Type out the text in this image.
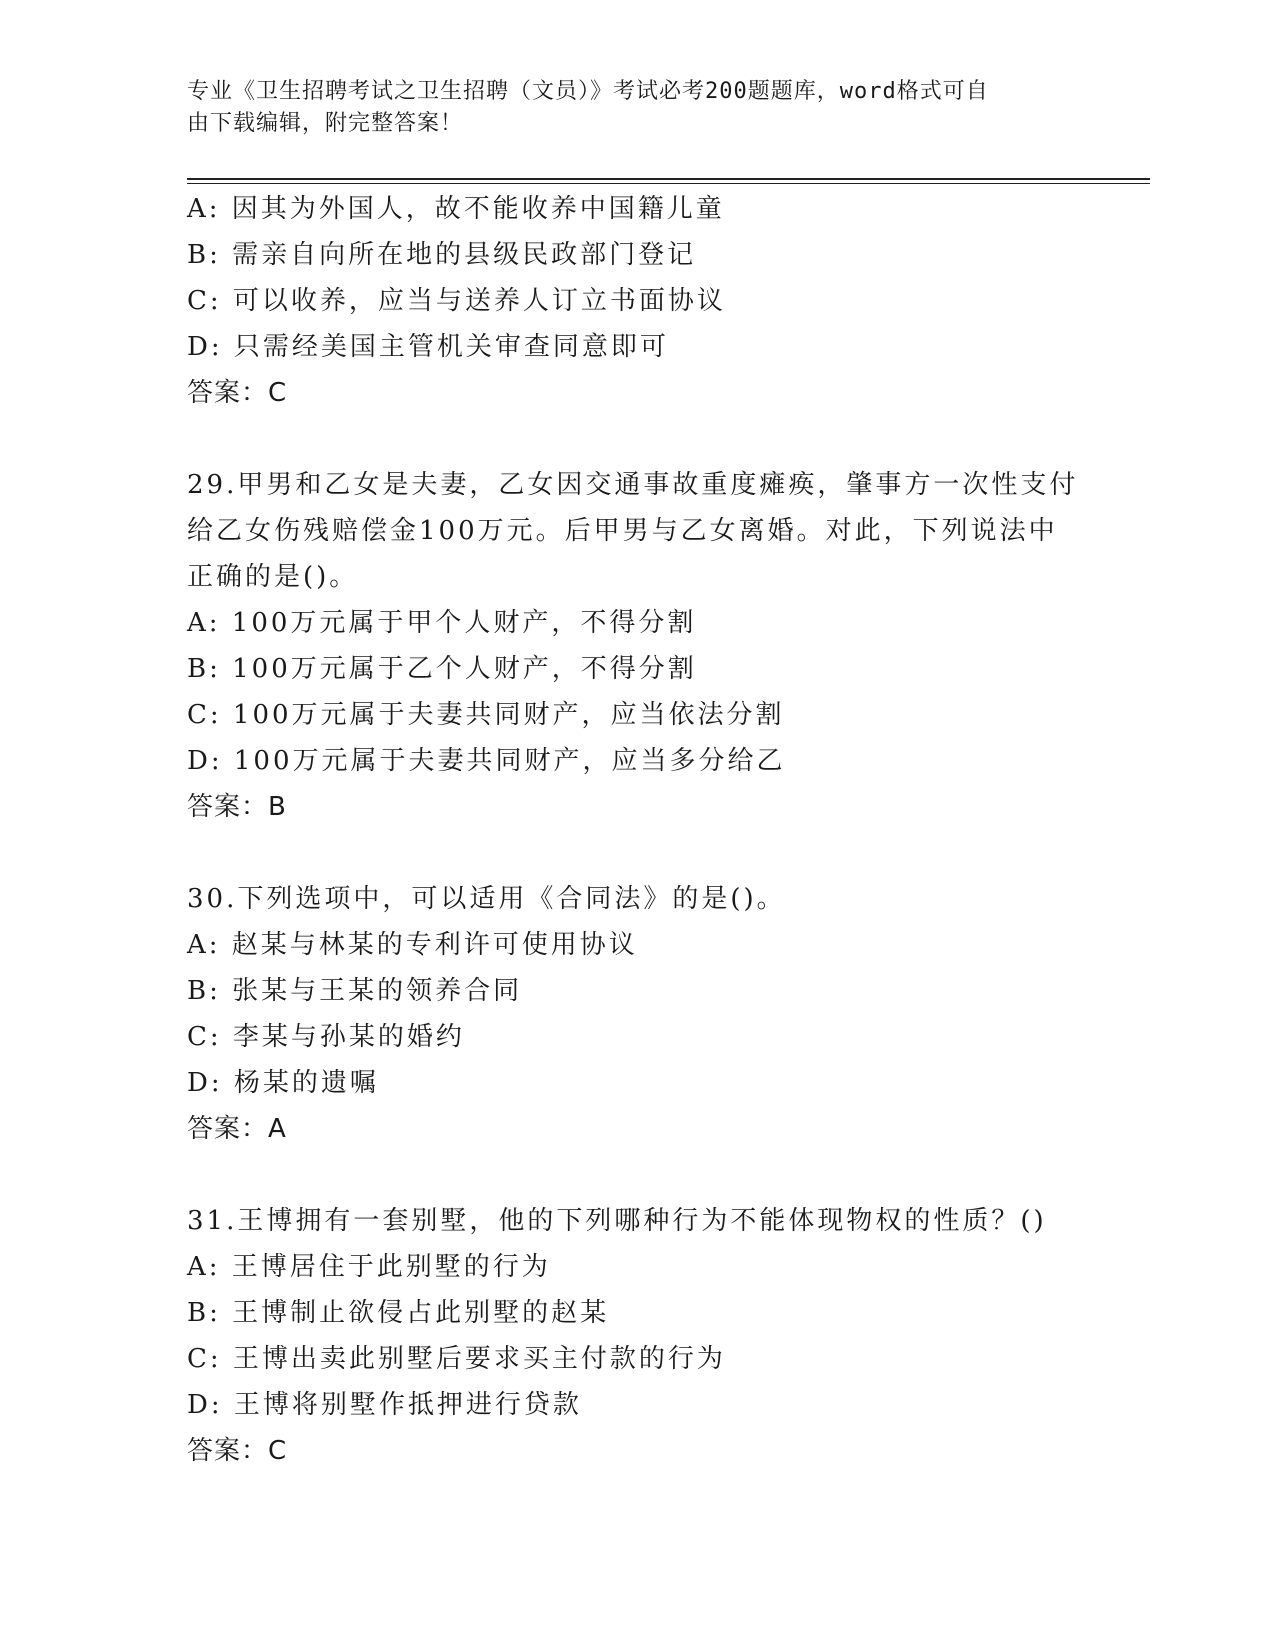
专业《卫生招聘考试之卫生招聘（文员）》考试必考200题题库，word格式可自
由下载编辑，附完整答案！
A: 因其为外国人，故不能收养中国籍儿童
B: 需亲自向所在地的县级民政部门登记
C: 可以收养，应当与送养人订立书面协议
D: 只需经美国主管机关审查同意即可
答案：C
29.甲男和乙女是夫妻，乙女因交通事故重度瘫痪，肇事方一次性支付
给乙女伤残赔偿金100万元。后甲男与乙女离婚。对此，下列说法中
正确的是()。
A: 100万元属于甲个人财产，不得分割
B: 100万元属于乙个人财产，不得分割
C: 100万元属于夫妻共同财产，应当依法分割
D: 100万元属于夫妻共同财产，应当多分给乙
答案：B
30.下列选项中，可以适用《合同法》的是()。
A: 赵某与林某的专利许可使用协议
B: 张某与王某的领养合同
C: 李某与孙某的婚约
D: 杨某的遗嘱
答案：A
31.王博拥有一套别墅，他的下列哪种行为不能体现物权的性质？()
A: 王博居住于此别墅的行为
B: 王博制止欲侵占此别墅的赵某
C: 王博出卖此别墅后要求买主付款的行为
D: 王博将别墅作抵押进行贷款
答案：C
